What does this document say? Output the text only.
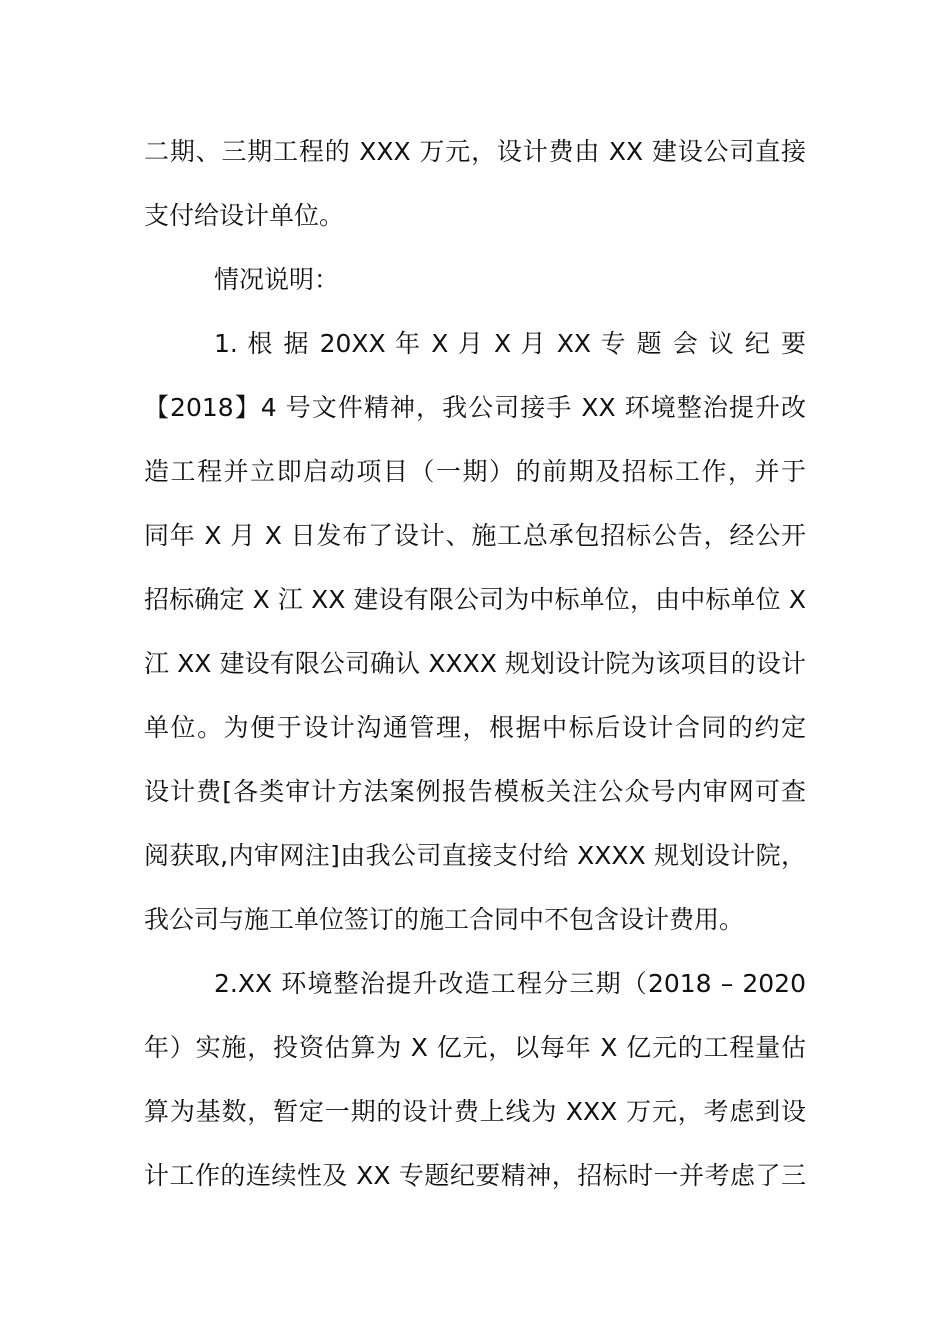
二期、三期工程的 XXX 万元，设计费由 XX 建设公司直接
支付给设计单位。
情况说明：
1. 根 据 20XX 年 X 月 X 月 XX 专 题 会 议 纪 要
【2018】4 号文件精神，我公司接手 XX 环境整治提升改
造工程并立即启动项目（一期）的前期及招标工作，并于
同年 X 月 X 日发布了设计、施工总承包招标公告，经公开
招标确定 X 江 XX 建设有限公司为中标单位，由中标单位 X
江 XX 建设有限公司确认 XXXX 规划设计院为该项目的设计
单位。为便于设计沟通管理，根据中标后设计合同的约定
设计费[各类审计方法案例报告模板关注公众号内审网可查
阅获取,内审网注]由我公司直接支付给 XXXX 规划设计院，
我公司与施工单位签订的施工合同中不包含设计费用。
2.XX 环境整治提升改造工程分三期（2018 – 2020
年）实施，投资估算为 X 亿元，以每年 X 亿元的工程量估
算为基数，暂定一期的设计费上线为 XXX 万元，考虑到设
计工作的连续性及 XX 专题纪要精神，招标时一并考虑了三
